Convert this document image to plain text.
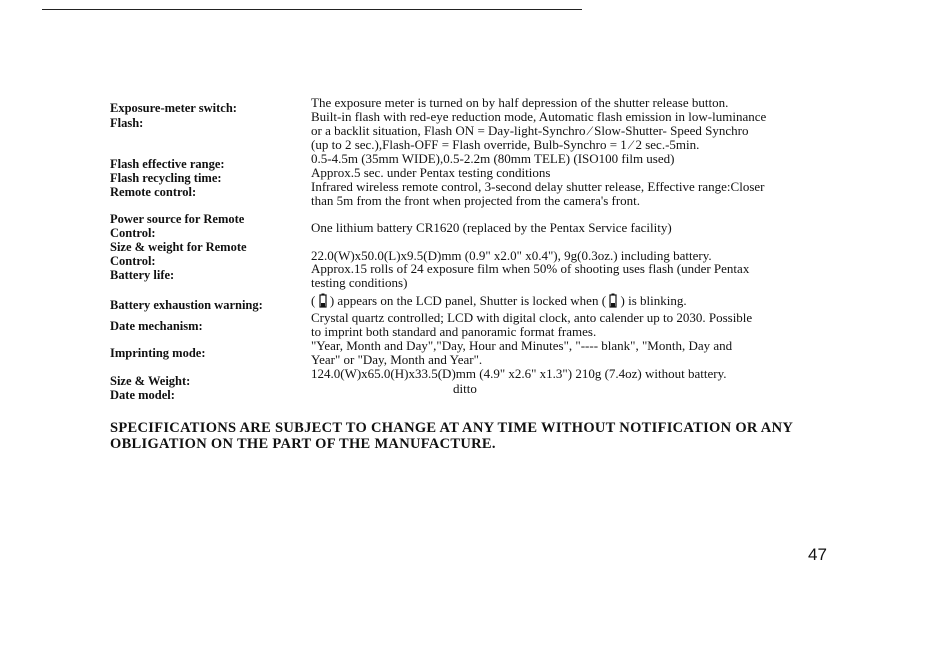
Exposure-meter switch:
Flash:
Flash effective range:
Flash recycling time:
Remote control:
Power source for Remote
Control:
Size & weight for Remote
Control:
Battery life:
Battery exhaustion warning:
Date mechanism:
Imprinting mode:
Size & Weight:
Date model:
The exposure meter is turned on by half depression of the shutter release button.
Built-in flash with red-eye reduction mode, Automatic flash emission in low-luminance
or a backlit situation, Flash ON = Day-light-Synchro ⁄ Slow-Shutter- Speed Synchro
(up to 2 sec.),Flash-OFF = Flash override, Bulb-Synchro = 1 ⁄ 2 sec.-5min.
0.5-4.5m (35mm WIDE),0.5-2.2m (80mm TELE) (ISO100 film used)
Approx.5 sec. under Pentax testing conditions
Infrared wireless remote control, 3-second delay shutter release, Effective range:Closer
than 5m from the front when projected from the camera's front.
One lithium battery CR1620 (replaced by the Pentax Service facility)
22.0(W)x50.0(L)x9.5(D)mm (0.9" x2.0" x0.4"), 9g(0.3oz.) including battery.
Approx.15 rolls of 24 exposure film when 50% of shooting uses flash (under Pentax
testing conditions)
( ) appears on the LCD panel, Shutter is locked when ( ) is blinking.
Crystal quartz controlled; LCD with digital clock, anto calender up to 2030. Possible
to imprint both standard and panoramic format frames.
"Year, Month and Day","Day, Hour and Minutes", "---- blank", "Month, Day and
Year" or "Day, Month and Year".
124.0(W)x65.0(H)x33.5(D)mm (4.9" x2.6" x1.3") 210g (7.4oz) without battery.
ditto
SPECIFICATIONS ARE SUBJECT TO CHANGE AT ANY TIME WITHOUT NOTIFICATION OR ANY
OBLIGATION ON THE PART OF THE MANUFACTURE.
47
